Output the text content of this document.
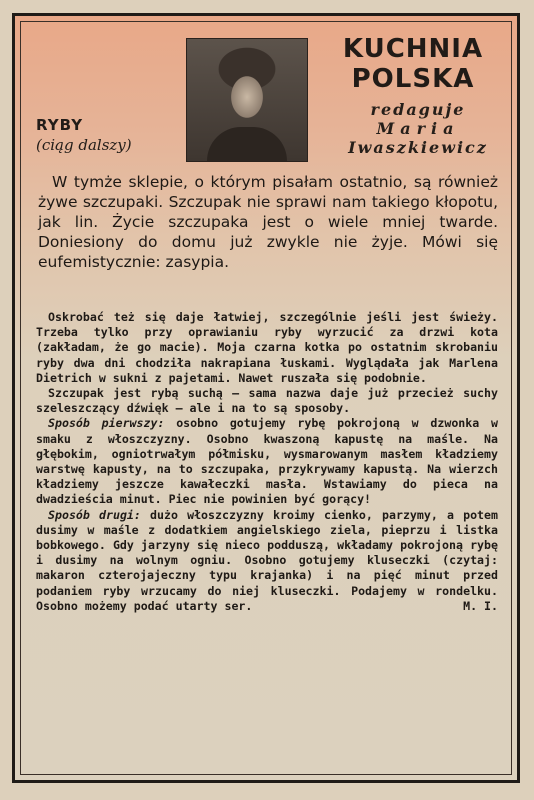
KUCHNIA
POLSKA
redaguje
Maria
Iwaszkiewicz
RYBY
(ciąg dalszy)
W tymże sklepie, o którym pisałam ostatnio, są również żywe szczupaki. Szczupak nie sprawi nam takiego kłopotu, jak lin. Życie szczupaka jest o wiele mniej twarde. Doniesiony do domu już zwykle nie żyje. Mówi się eufemistycznie: zasypia.

Oskrobać też się daje łatwiej, szczególnie jeśli jest świeży. Trzeba tylko przy oprawianiu ryby wyrzucić za drzwi kota (zakładam, że go macie). Moja czarna kotka po ostatnim skrobaniu ryby dwa dni chodziła nakrapiana łuskami. Wyglądała jak Marlena Dietrich w sukni z pajetami. Nawet ruszała się podobnie.

Szczupak jest rybą suchą — sama nazwa daje już przecież suchy szeleszczący dźwięk — ale i na to są sposoby.

Sposób pierwszy: osobno gotujemy rybę pokrojoną w dzwonka w smaku z włoszczyzny. Osobno kwaszoną kapustę na maśle. Na głębokim, ogniotrwałym półmisku, wysmarowanym masłem kładziemy warstwę kapusty, na to szczupaka, przykrywamy kapustą. Na wierzch kładziemy jeszcze kawałeczki masła. Wstawiamy do pieca na dwadzieścia minut. Piec nie powinien być gorący!

Sposób drugi: dużo włoszczyzny kroimy cienko, parzymy, a potem dusimy w maśle z dodatkiem angielskiego ziela, pieprzu i listka bobkowego. Gdy jarzyny się nieco podduszą, wkładamy pokrojoną rybę i dusimy na wolnym ogniu. Osobno gotujemy kluseczki (czytaj: makaron czterojajeczny typu krajanka) i na pięć minut przed podaniem ryby wrzucamy do niej kluseczki. Podajemy w rondelku. Osobno możemy podać utarty ser.	M. I.
